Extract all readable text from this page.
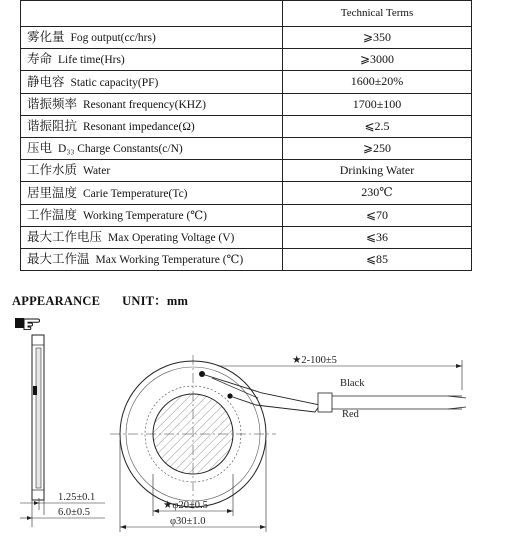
	Technical Terms
雾化量 Fog output(cc/hrs)	⩾350
寿命 Life time(Hrs)	⩾3000
静电容 Static capacity(PF)	1600±20%
谐振频率 Resonant frequency(KHZ)	1700±100
谐振阻抗 Resonant impedance(Ω)	⩽2.5
压电 D₃₃ Charge Constants(c/N)	⩾250
工作水质 Water	Drinking Water
居里温度 Carie Temperature(Tc)	230℃
工作温度 Working Temperature (℃)	⩽70
最大工作电压 Max Operating Voltage (V)	⩽36
最大工作温 Max Working Temperature (℃)	⩽85
APPEARANCE UNIT：mm
1.25±0.1
6.0±0.5
★φ20±0.5
φ30±1.0
★2-100±5
Black
Red
